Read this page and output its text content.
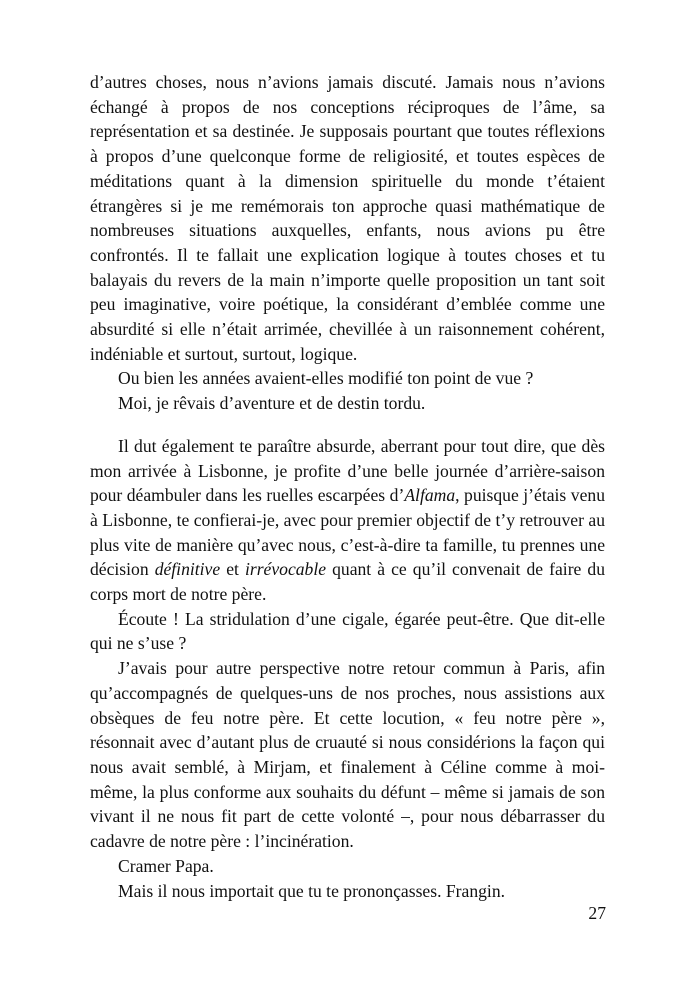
d’autres choses, nous n’avions jamais discuté. Jamais nous n’avions échangé à propos de nos conceptions réciproques de l’âme, sa représentation et sa destinée. Je supposais pourtant que toutes réflexions à propos d’une quelconque forme de religiosité, et toutes espèces de méditations quant à la dimension spirituelle du monde t’étaient étrangères si je me remémorais ton approche quasi mathématique de nombreuses situations auxquelles, enfants, nous avions pu être confrontés. Il te fallait une explication logique à toutes choses et tu balayais du revers de la main n’importe quelle proposition un tant soit peu imaginative, voire poétique, la considérant d’emblée comme une absurdité si elle n’était arrimée, chevillée à un raisonnement cohérent, indéniable et surtout, surtout, logique.

Ou bien les années avaient-elles modifié ton point de vue ?

Moi, je rêvais d’aventure et de destin tordu.

Il dut également te paraître absurde, aberrant pour tout dire, que dès mon arrivée à Lisbonne, je profite d’une belle journée d’arrière-saison pour déambuler dans les ruelles escarpées d’Alfama, puisque j’étais venu à Lisbonne, te confierai-je, avec pour premier objectif de t’y retrouver au plus vite de manière qu’avec nous, c’est-à-dire ta famille, tu prennes une décision définitive et irrévocable quant à ce qu’il convenait de faire du corps mort de notre père.

Écoute ! La stridulation d’une cigale, égarée peut-être. Que dit-elle qui ne s’use ?

J’avais pour autre perspective notre retour commun à Paris, afin qu’accompagnés de quelques-uns de nos proches, nous assistions aux obsèques de feu notre père. Et cette locution, « feu notre père », résonnait avec d’autant plus de cruauté si nous considérions la façon qui nous avait semblé, à Mirjam, et finalement à Céline comme à moi-même, la plus conforme aux souhaits du défunt – même si jamais de son vivant il ne nous fit part de cette volonté –, pour nous débarrasser du cadavre de notre père : l’incinération.

Cramer Papa.

Mais il nous importait que tu te prononçasses. Frangin.

27
